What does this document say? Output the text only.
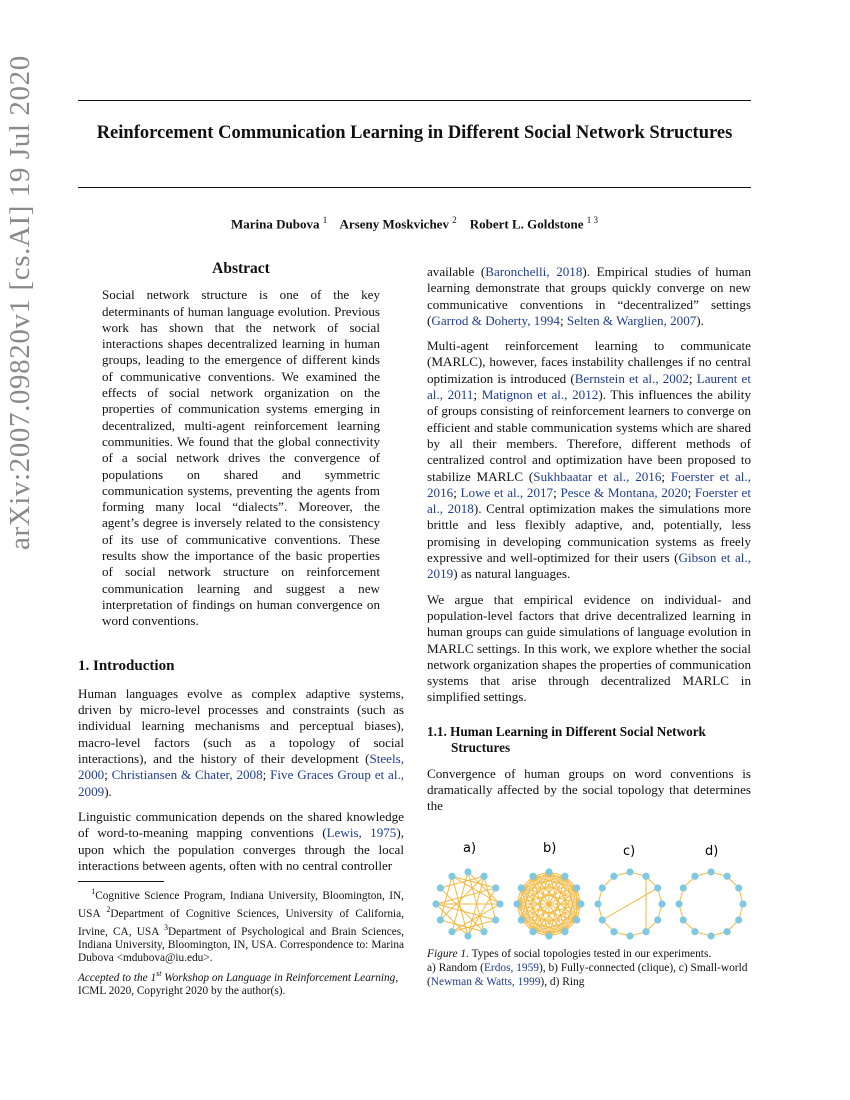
Reinforcement Communication Learning in Different Social Network Structures
Marina Dubova $^1$ Arseny Moskvichev $^2$ Robert L. Goldstone $^{1 3}$
arXiv:2007.09820v1 [cs.AI] 19 Jul 2020	Abstract
Social network structure is one of the key determinants of human language evolution. Previous work has shown that the network of social interactions shapes decentralized learning in human groups, leading to the emergence of different kinds of communicative conventions. We examined the effects of social network organization on the properties of communication systems emerging in decentralized, multi-agent reinforcement learning communities. We found that the global connectivity of a social network drives the convergence of populations on shared and symmetric communication systems, preventing the agents from forming many local “dialects”. Moreover, the agent’s degree is inversely related to the consistency of its use of communicative conventions. These results show the importance of the basic properties of social network structure on reinforcement communication learning and suggest a new interpretation of findings on human convergence on word conventions.
1. Introduction

Human languages evolve as complex adaptive systems, driven by micro-level processes and constraints (such as individual learning mechanisms and perceptual biases), macro-level factors (such as a topology of social interactions), and the history of their development (Steels, 2000; Christiansen & Chater, 2008; Five Graces Group et al., 2009).

Linguistic communication depends on the shared knowledge of word-to-meaning mapping conventions (Lewis, 1975), upon which the population converges through the local interactions between agents, often with no central controller

$^1$Cognitive Science Program, Indiana University, Bloomington, IN, USA $^2$Department of Cognitive Sciences, University of California, Irvine, CA, USA $^3$Department of Psychological and Brain Sciences, Indiana University, Bloomington, IN, USA. Correspondence to: Marina Dubova <mdubova@iu.edu>.
Accepted to the 1st Workshop on Language in Reinforcement Learning, ICML 2020, Copyright 2020 by the author(s).

available (Baronchelli, 2018). Empirical studies of human learning demonstrate that groups quickly converge on new communicative conventions in “decentralized” settings (Garrod & Doherty, 1994; Selten & Warglien, 2007).

Multi-agent reinforcement learning to communicate (MARLC), however, faces instability challenges if no central optimization is introduced (Bernstein et al., 2002; Laurent et al., 2011; Matignon et al., 2012). This influences the ability of groups consisting of reinforcement learners to converge on efficient and stable communication systems which are shared by all their members. Therefore, different methods of centralized control and optimization have been proposed to stabilize MARLC (Sukhbaatar et al., 2016; Foerster et al., 2016; Lowe et al., 2017; Pesce & Montana, 2020; Foerster et al., 2018). Central optimization makes the simulations more brittle and less flexibly adaptive, and, potentially, less promising in developing communication systems as freely expressive and well-optimized for their users (Gibson et al., 2019) as natural languages.

We argue that empirical evidence on individual- and population-level factors that drive decentralized learning in human groups can guide simulations of language evolution in MARLC settings. In this work, we explore whether the social network organization shapes the properties of communication systems that arise through decentralized MARLC in simplified settings.

1.1. Human Learning in Different Social Network
Structures

Convergence of human groups on word conventions is dramatically affected by the social topology that determines the

a)	b)	c)	d)
Figure 1. Types of social topologies tested in our experiments.
a) Random (Erdos, 1959), b) Fully-connected (clique), c) Small-world (Newman & Watts, 1999), d) Ring
